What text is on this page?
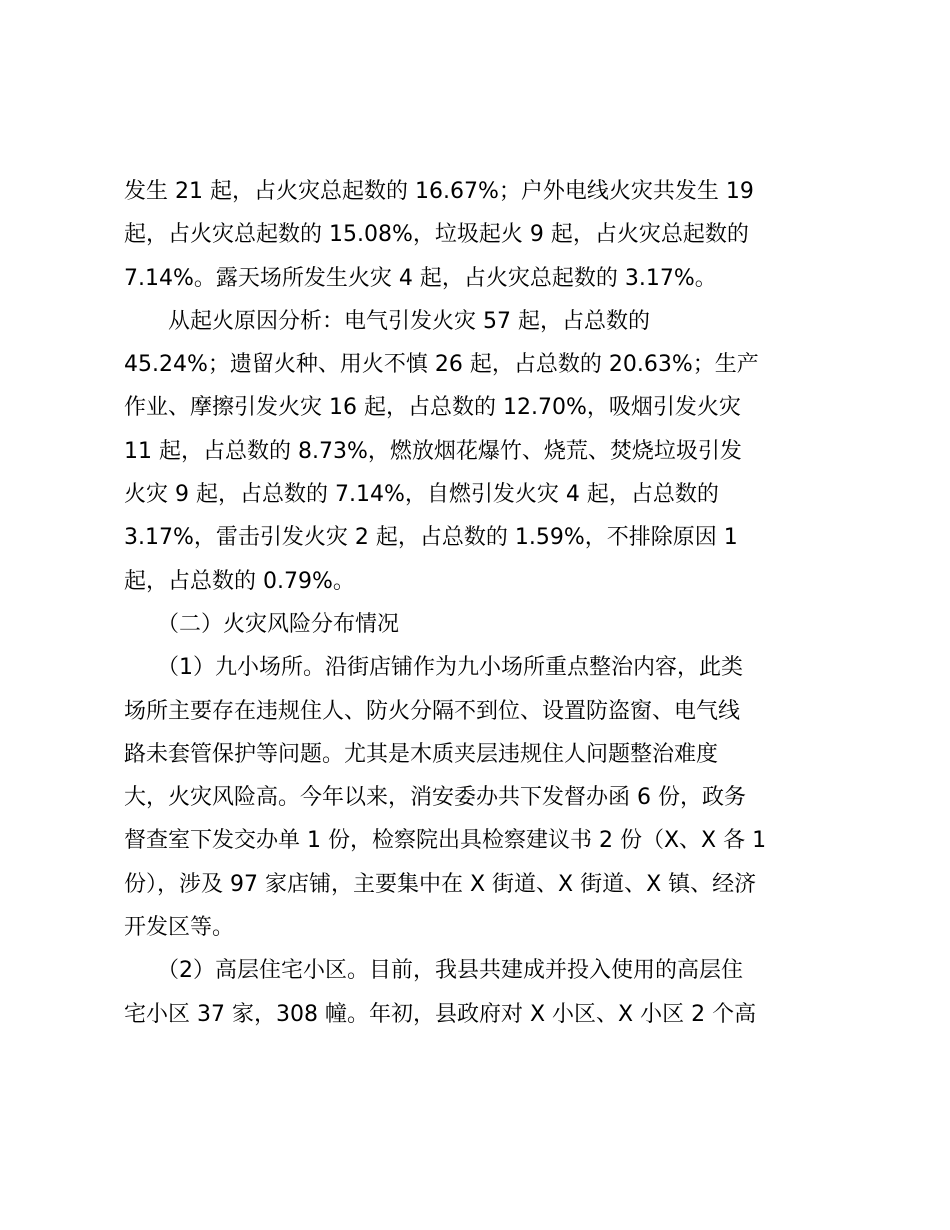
发生 21 起，占火灾总起数的 16.67%；户外电线火灾共发生 19
起，占火灾总起数的 15.08%，垃圾起火 9 起，占火灾总起数的
7.14%。露天场所发生火灾 4 起，占火灾总起数的 3.17%。
　　从起火原因分析：电气引发火灾 57 起，占总数的
45.24%；遗留火种、用火不慎 26 起，占总数的 20.63%；生产
作业、摩擦引发火灾 16 起，占总数的 12.70%，吸烟引发火灾
11 起，占总数的 8.73%，燃放烟花爆竹、烧荒、焚烧垃圾引发
火灾 9 起，占总数的 7.14%，自燃引发火灾 4 起，占总数的
3.17%，雷击引发火灾 2 起，占总数的 1.59%，不排除原因 1
起，占总数的 0.79%。
　　（二）火灾风险分布情况
　　（1）九小场所。沿街店铺作为九小场所重点整治内容，此类
场所主要存在违规住人、防火分隔不到位、设置防盗窗、电气线
路未套管保护等问题。尤其是木质夹层违规住人问题整治难度
大，火灾风险高。今年以来，消安委办共下发督办函 6 份，政务
督查室下发交办单 1 份，检察院出具检察建议书 2 份（X、X 各 1
份），涉及 97 家店铺，主要集中在 X 街道、X 街道、X 镇、经济
开发区等。
　　（2）高层住宅小区。目前，我县共建成并投入使用的高层住
宅小区 37 家，308 幢。年初，县政府对 X 小区、X 小区 2 个高
